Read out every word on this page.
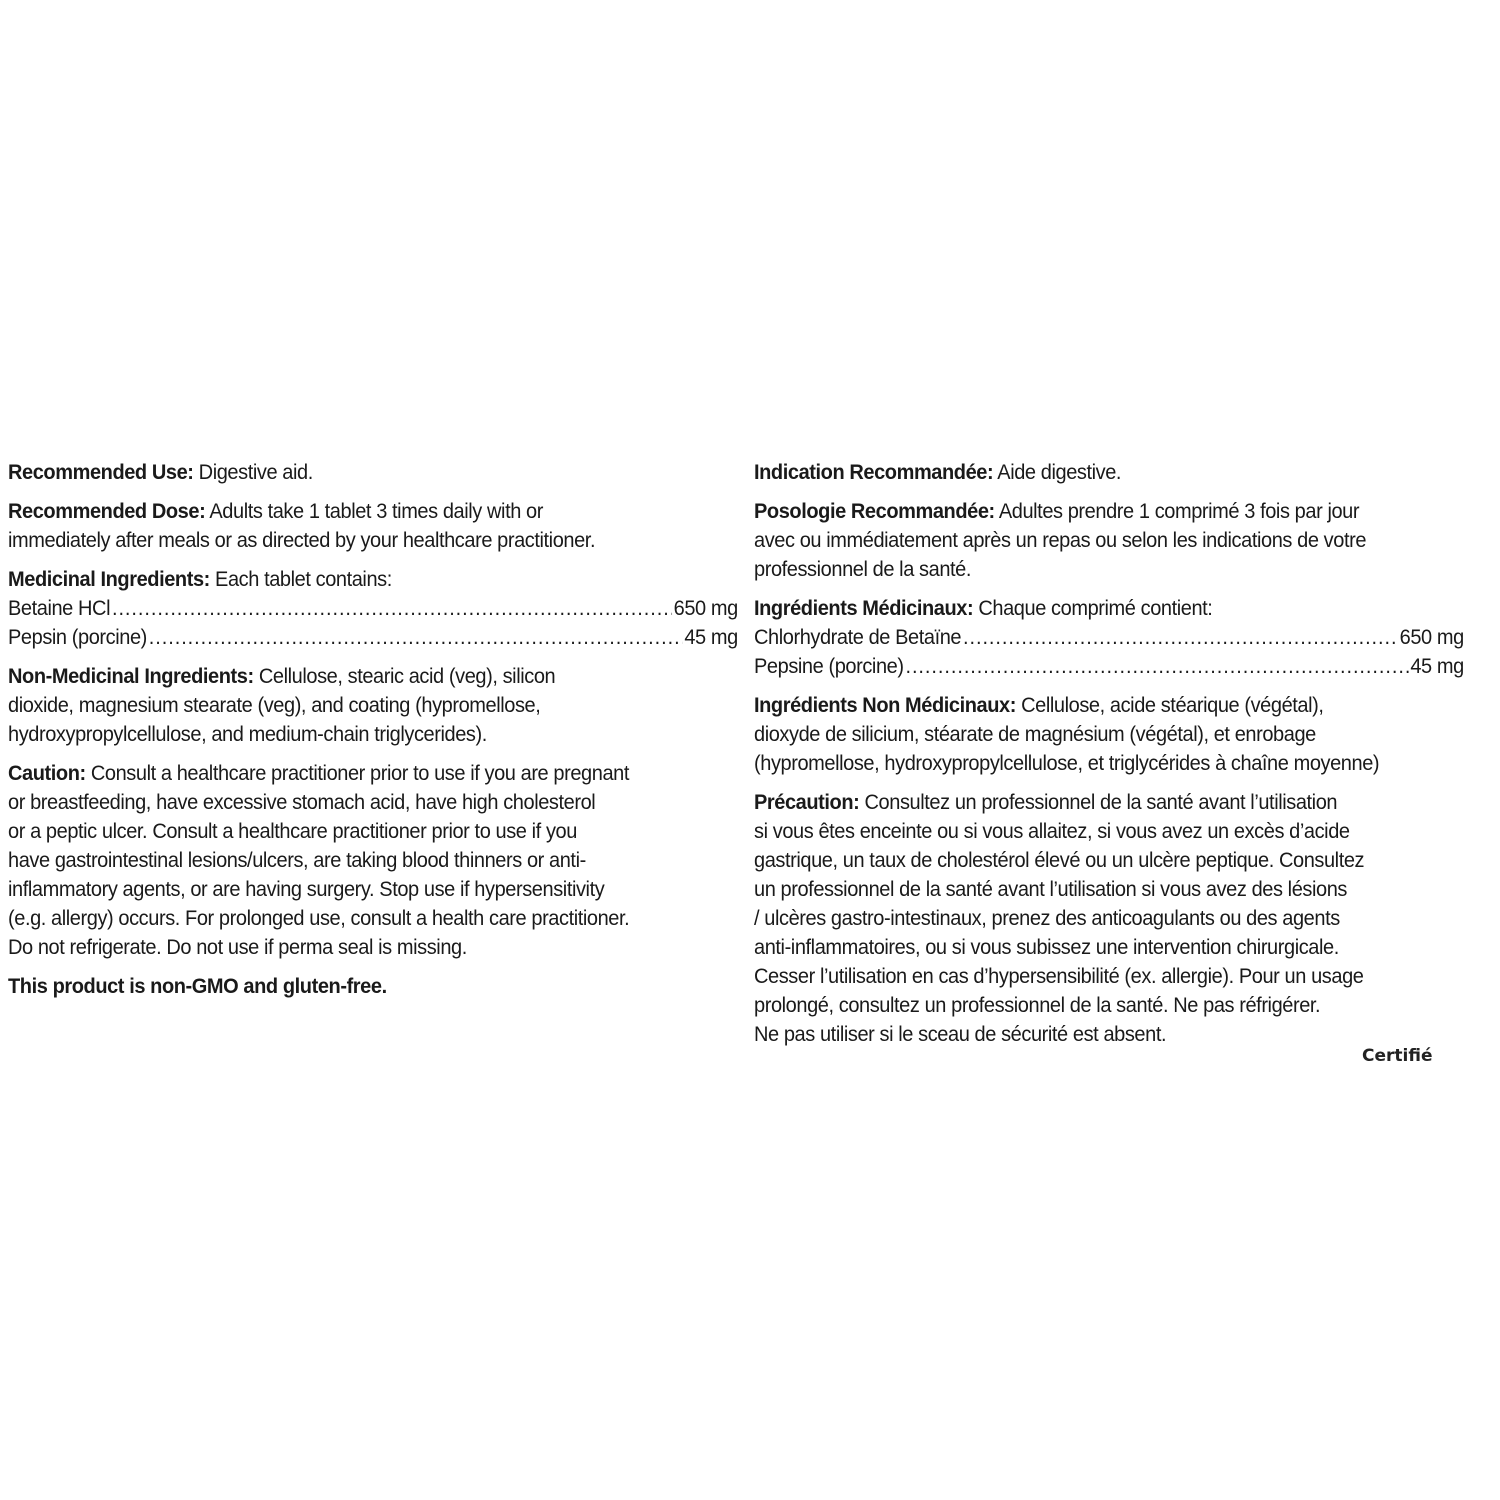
Recommended Use: Digestive aid.

Recommended Dose: Adults take 1 tablet 3 times daily with or
immediately after meals or as directed by your healthcare practitioner.

Medicinal Ingredients: Each tablet contains:
Betaine HCl .....	650 mg
Pepsin (porcine) .....	45 mg

Non-Medicinal Ingredients: Cellulose, stearic acid (veg), silicon
dioxide, magnesium stearate (veg), and coating (hypromellose,
hydroxypropylcellulose, and medium-chain triglycerides).

Caution: Consult a healthcare practitioner prior to use if you are pregnant
or breastfeeding, have excessive stomach acid, have high cholesterol
or a peptic ulcer. Consult a healthcare practitioner prior to use if you
have gastrointestinal lesions/ulcers, are taking blood thinners or anti-
inflammatory agents, or are having surgery. Stop use if hypersensitivity
(e.g. allergy) occurs. For prolonged use, consult a health care practitioner.
Do not refrigerate. Do not use if perma seal is missing.

This product is non-GMO and gluten-free.

Indication Recommandée: Aide digestive.

Posologie Recommandée: Adultes prendre 1 comprimé 3 fois par jour
avec ou immédiatement après un repas ou selon les indications de votre
professionnel de la santé.

Ingrédients Médicinaux: Chaque comprimé contient:
Chlorhydrate de Betaïne .....	650 mg
Pepsine (porcine) .....	45 mg

Ingrédients Non Médicinaux: Cellulose, acide stéarique (végétal),
dioxyde de silicium, stéarate de magnésium (végétal), et enrobage
(hypromellose, hydroxypropylcellulose, et triglycérides à chaîne moyenne)

Précaution: Consultez un professionnel de la santé avant l’utilisation
si vous êtes enceinte ou si vous allaitez, si vous avez un excès d’acide
gastrique, un taux de cholestérol élevé ou un ulcère peptique. Consultez
un professionnel de la santé avant l’utilisation si vous avez des lésions
/ ulcères gastro-intestinaux, prenez des anticoagulants ou des agents
anti-inflammatoires, ou si vous subissez une intervention chirurgicale.
Cesser l’utilisation en cas d’hypersensibilité (ex. allergie). Pour un usage
prolongé, consultez un professionnel de la santé. Ne pas réfrigérer.
Ne pas utiliser si le sceau de sécurité est absent.

Certifié
